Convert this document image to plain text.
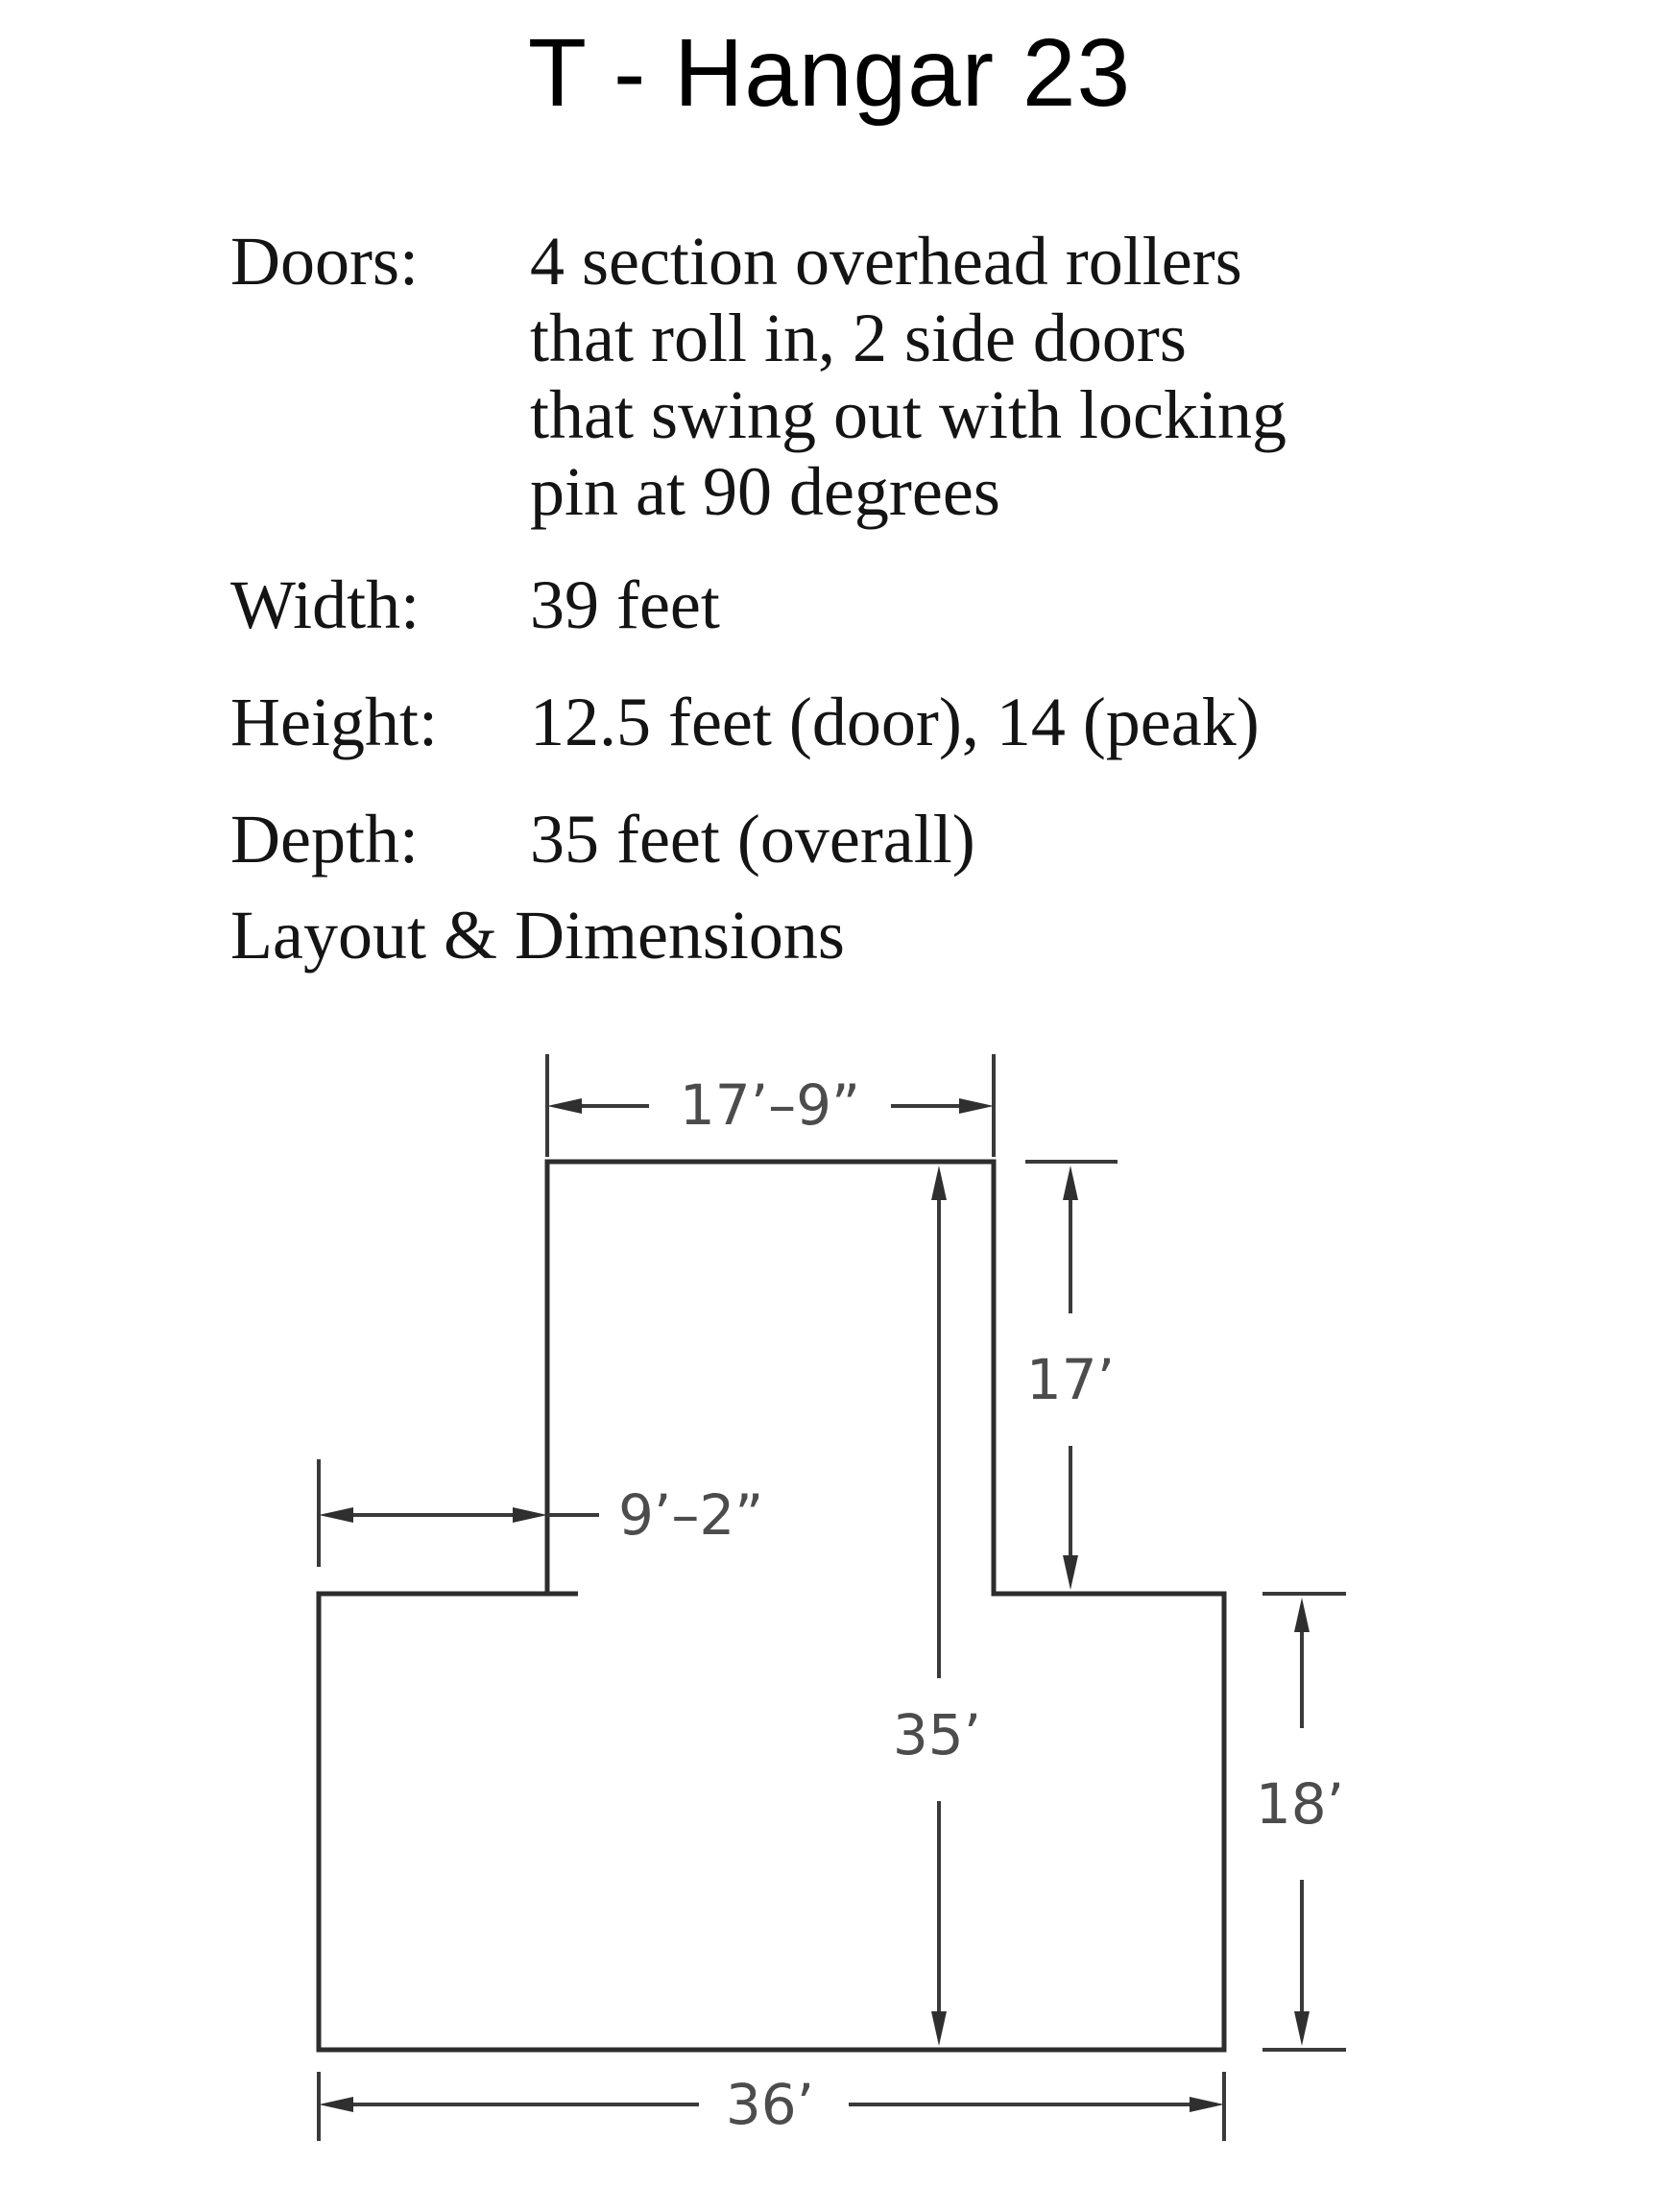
T - Hangar 23
Doors: 4 section overhead rollers
that roll in, 2 side doors
that swing out with locking
pin at 90 degrees
Width: 39 feet
Height: 12.5 feet (door), 14 (peak)
Depth: 35 feet (overall)
Layout & Dimensions
17’–9”
9’–2”
17’
35’
18’
36’
